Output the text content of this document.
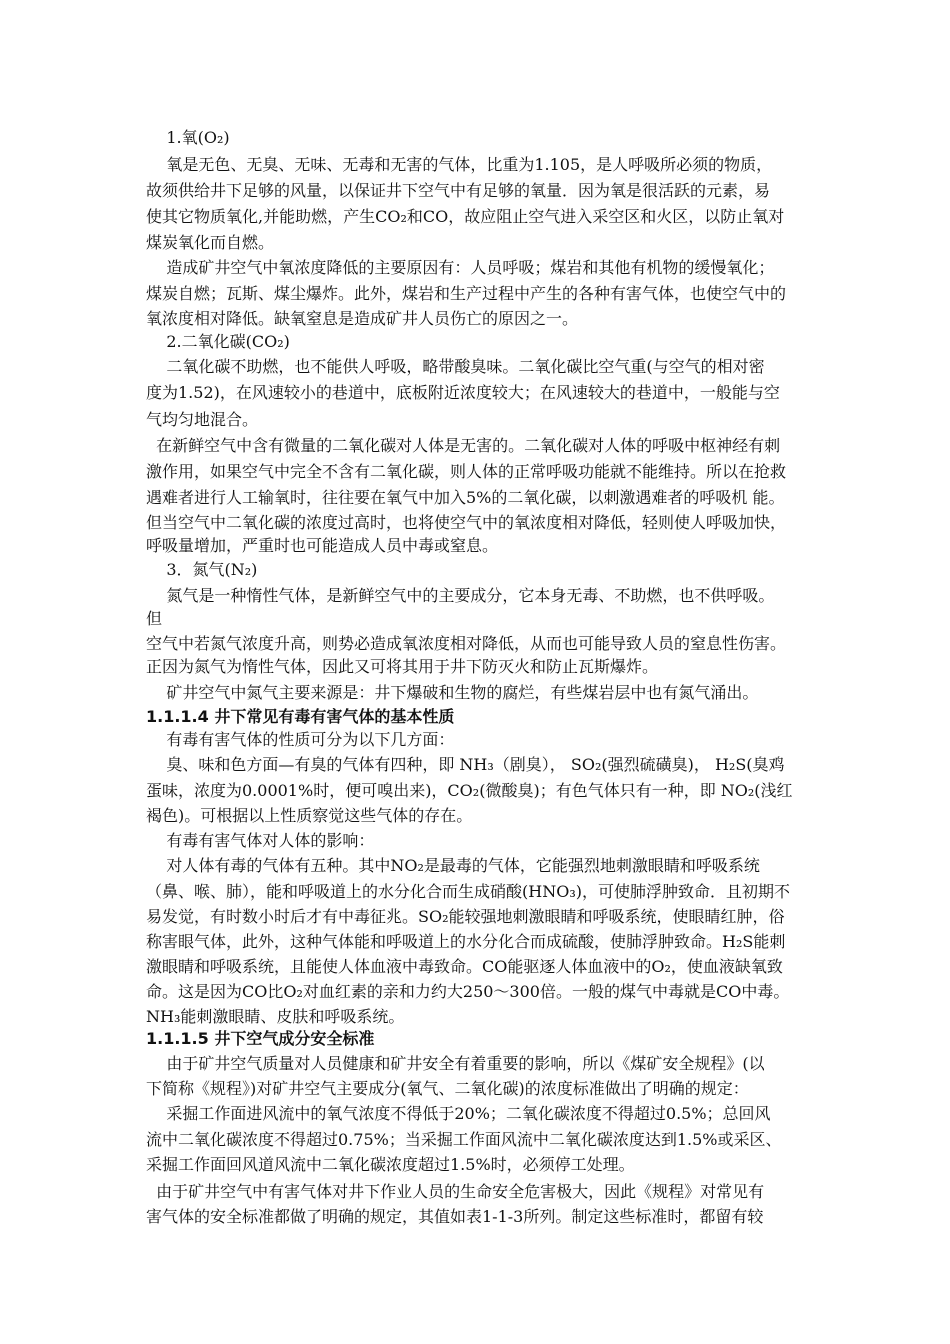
1.氧(O₂)
氧是无色、无臭、无味、无毒和无害的气体，比重为1.105，是人呼吸所必须的物质，
故须供给井下足够的风量，以保证井下空气中有足够的氧量．因为氧是很活跃的元素，易
使其它物质氧化,并能助燃，产生CO₂和CO，故应阻止空气进入采空区和火区，以防止氧对
煤炭氧化而自燃。
造成矿井空气中氧浓度降低的主要原因有：人员呼吸；煤岩和其他有机物的缓慢氧化；
煤炭自燃；瓦斯、煤尘爆炸。此外，煤岩和生产过程中产生的各种有害气体，也使空气中的
氧浓度相对降低。缺氧窒息是造成矿井人员伤亡的原因之一。
2.二氧化碳(CO₂)
二氧化碳不助燃，也不能供人呼吸，略带酸臭味。二氧化碳比空气重(与空气的相对密
度为1.52)，在风速较小的巷道中，底板附近浓度较大；在风速较大的巷道中，一般能与空
气均匀地混合。
在新鲜空气中含有微量的二氧化碳对人体是无害的。二氧化碳对人体的呼吸中枢神经有刺
激作用，如果空气中完全不含有二氧化碳，则人体的正常呼吸功能就不能维持。所以在抢救
遇难者进行人工输氧时，往往要在氧气中加入5%的二氧化碳，以刺激遇难者的呼吸机 能。
但当空气中二氧化碳的浓度过高时，也将使空气中的氧浓度相对降低，轻则使人呼吸加快，
呼吸量增加，严重时也可能造成人员中毒或窒息。
3．氮气(N₂)
氮气是一种惰性气体，是新鲜空气中的主要成分，它本身无毒、不助燃，也不供呼吸。
但
空气中若氮气浓度升高，则势必造成氧浓度相对降低，从而也可能导致人员的窒息性伤害。
正因为氮气为惰性气体，因此又可将其用于井下防灭火和防止瓦斯爆炸。
矿井空气中氮气主要来源是：井下爆破和生物的腐烂，有些煤岩层中也有氮气涌出。
1.1.1.4 井下常见有毒有害气体的基本性质
有毒有害气体的性质可分为以下几方面：
臭、味和色方面—有臭的气体有四种，即 NH₃（剧臭）， SO₂(强烈硫磺臭)， H₂S(臭鸡
蛋味，浓度为0.0001%时，便可嗅出来)，CO₂(微酸臭)；有色气体只有一种，即 NO₂(浅红
褐色)。可根据以上性质察觉这些气体的存在。
有毒有害气体对人体的影响：
对人体有毒的气体有五种。其中NO₂是最毒的气体，它能强烈地刺激眼睛和呼吸系统
（鼻、喉、肺），能和呼吸道上的水分化合而生成硝酸(HNO₃)，可使肺浮肿致命．且初期不
易发觉，有时数小时后才有中毒征兆。SO₂能较强地刺激眼睛和呼吸系统，使眼睛红肿，俗
称害眼气体，此外，这种气体能和呼吸道上的水分化合而成硫酸，使肺浮肿致命。H₂S能刺
激眼睛和呼吸系统，且能使人体血液中毒致命。CO能驱逐人体血液中的O₂，使血液缺氧致
命。这是因为CO比O₂对血红素的亲和力约大250～300倍。一般的煤气中毒就是CO中毒。
NH₃能刺激眼睛、皮肤和呼吸系统。
1.1.1.5 井下空气成分安全标准
由于矿井空气质量对人员健康和矿井安全有着重要的影响，所以《煤矿安全规程》(以
下简称《规程》)对矿井空气主要成分(氧气、二氧化碳)的浓度标准做出了明确的规定：
采掘工作面进风流中的氧气浓度不得低于20%；二氧化碳浓度不得超过0.5%；总回风
流中二氧化碳浓度不得超过0.75%；当采掘工作面风流中二氧化碳浓度达到1.5%或采区、
采掘工作面回风道风流中二氧化碳浓度超过1.5%时，必须停工处理。
由于矿井空气中有害气体对井下作业人员的生命安全危害极大，因此《规程》对常见有
害气体的安全标准都做了明确的规定，其值如表1-1-3所列。制定这些标准时，都留有较
